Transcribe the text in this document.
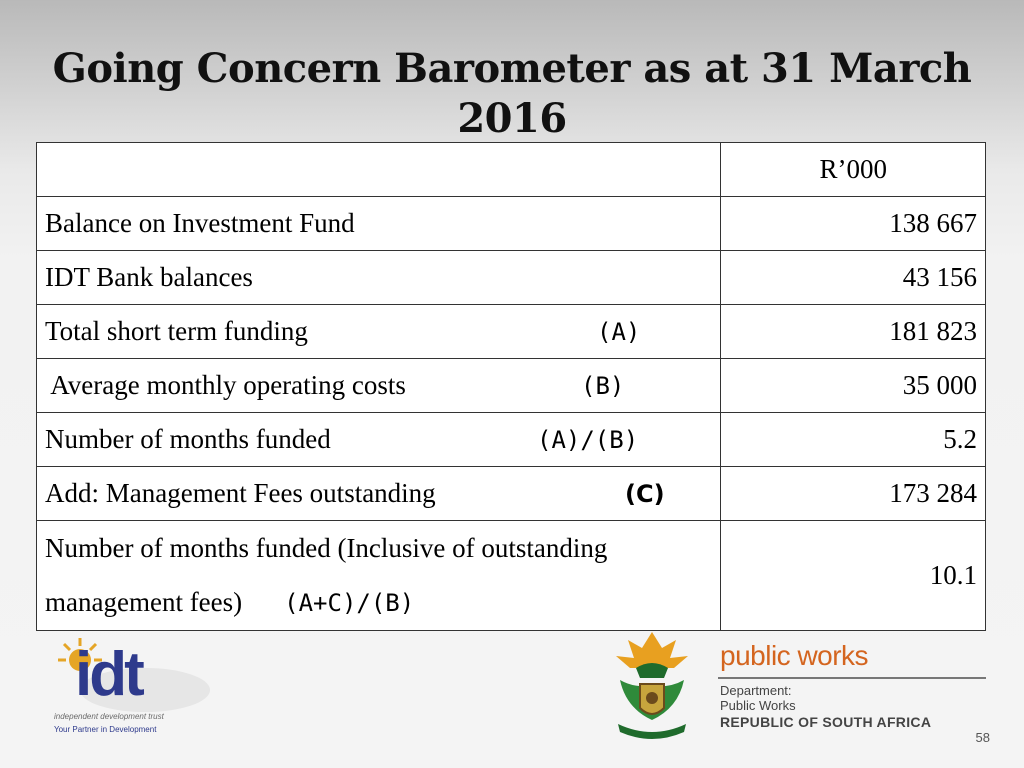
Going Concern Barometer as at 31 March
2016
	R’000
Balance on Investment Fund	138 667
IDT Bank balances	43 156
Total short term funding (A)	181 823
Average monthly operating costs (B)	35 000
Number of months funded (A)/(B)	5.2
Add: Management Fees outstanding (C)	173 284
Number of months funded (Inclusive of outstanding
management fees) (A+C)/(B)	10.1
idt
independent development trust
Your Partner in Development
public works
Department:
Public Works
REPUBLIC OF SOUTH AFRICA
58
